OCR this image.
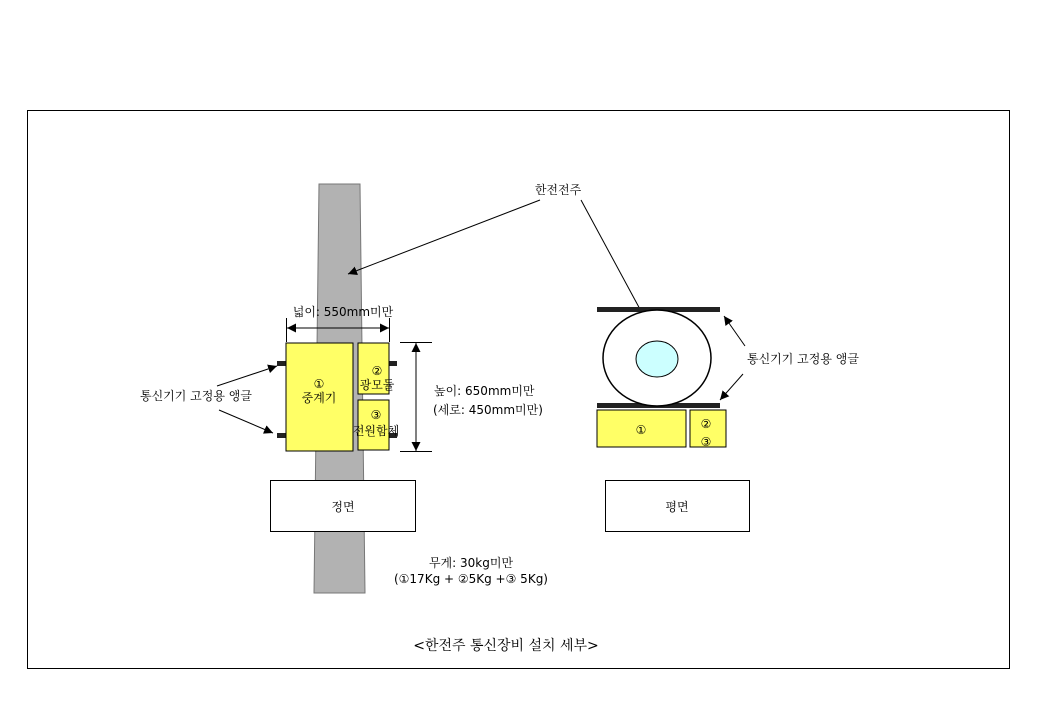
①
중계기
②
광모듈
③
전원함체
넓이: 550mm미만
높이: 650mm미만
(세로: 450mm미만)
통신기기 고정용 앵글
정면
무게: 30kg미만
(①17Kg + ②5Kg +③ 5Kg)
한전전주
①	②
③
통신기기 고정용 앵글
평면
<한전주 통신장비 설치 세부>
